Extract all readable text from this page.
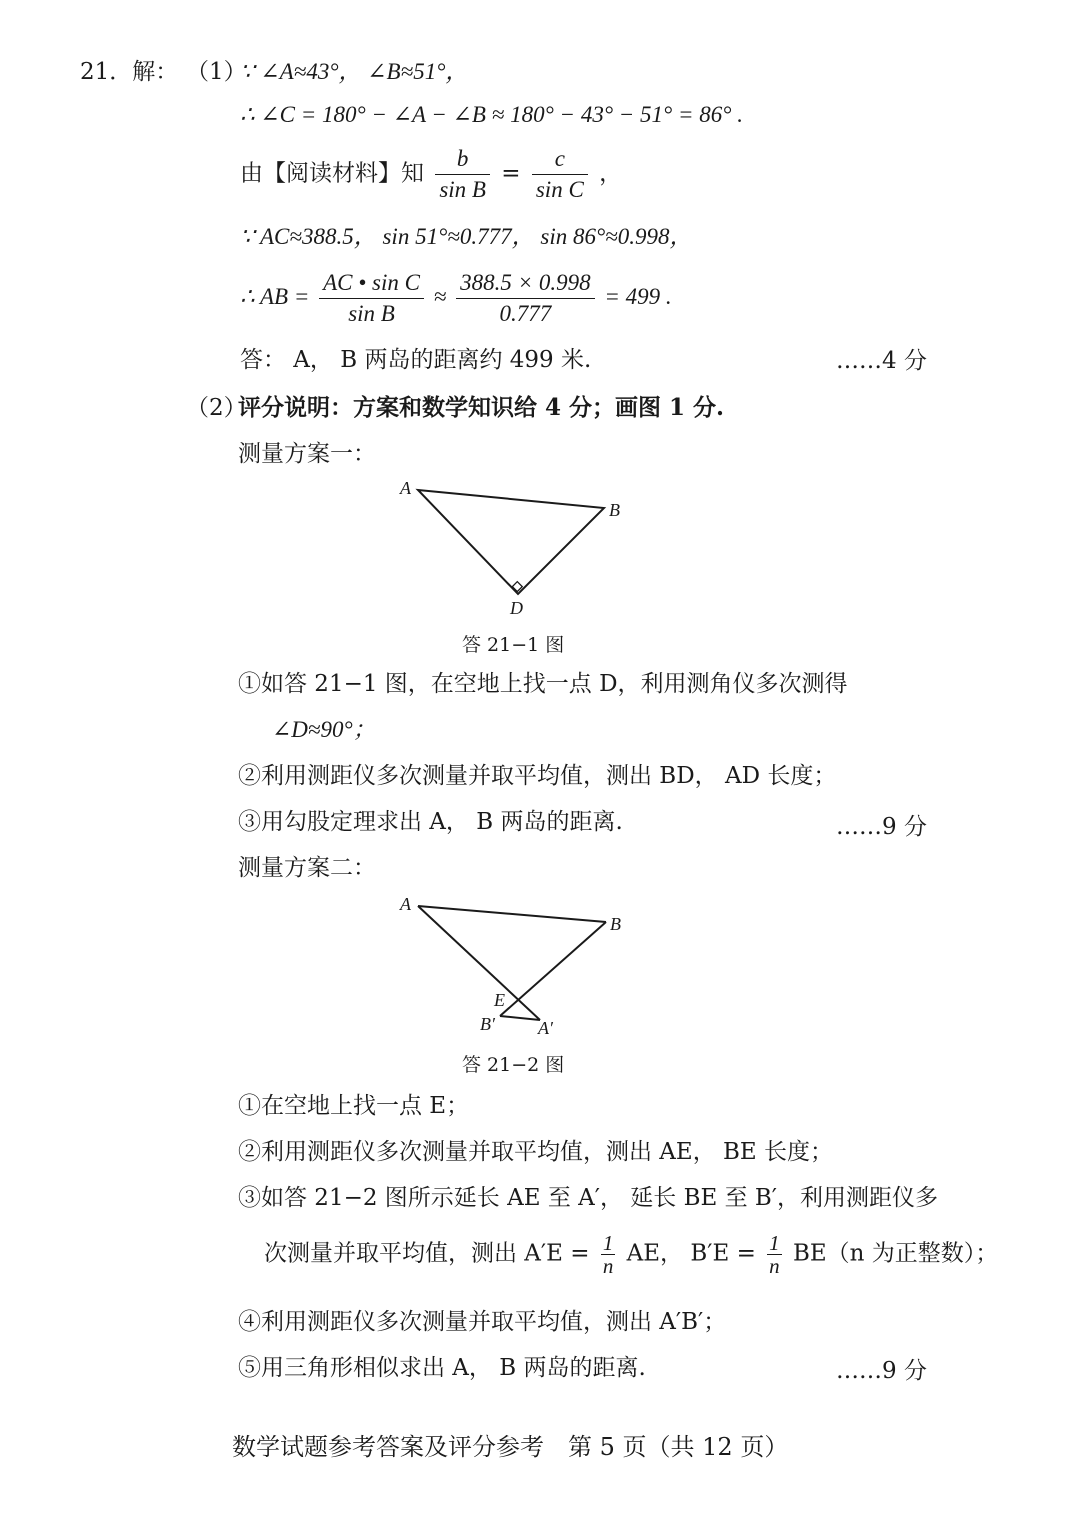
21．解： （1）
∵ ∠A≈43°， ∠B≈51°，
∴ ∠C = 180° − ∠A − ∠B ≈ 180° − 43° − 51° = 86° .
由【阅读材料】知 $\frac{b}{\text{sin B}} = \frac{c}{\text{sin C}}$ ，
∵ AC≈388.5， sin 51°≈0.777， sin 86°≈0.998，
∴ AB = $\frac{\text{AC • sin C}}{\text{sin B}} \approx \frac{388.5 \times 0.998}{0.777} = 499$ .
答： A， B 两岛的距离约 499 米.	……4 分
（2）
评分说明：方案和数学知识给 4 分；画图 1 分.
测量方案一：
A
B
D
答 21−1 图
①如答 21−1 图，在空地上找一点 D，利用测角仪多次测得
∠D≈90°；
②利用测距仪多次测量并取平均值，测出 BD， AD 长度；
③用勾股定理求出 A， B 两岛的距离.	……9 分
测量方案二：
A
B
E
B′ A′
答 21−2 图
①在空地上找一点 E；
②利用测距仪多次测量并取平均值，测出 AE， BE 长度；
③如答 21−2 图所示延长 AE 至 A′， 延长 BE 至 B′，利用测距仪多
次测量并取平均值，测出 $A'E = \frac{1}{n}$ AE， $B'E = \frac{1}{n} BE(n$ 为正整数）；
④利用测距仪多次测量并取平均值，测出 A′B′；
⑤用三角形相似求出 A， B 两岛的距离.	……9 分
数学试题参考答案及评分参考　第 5 页（共 12 页）
